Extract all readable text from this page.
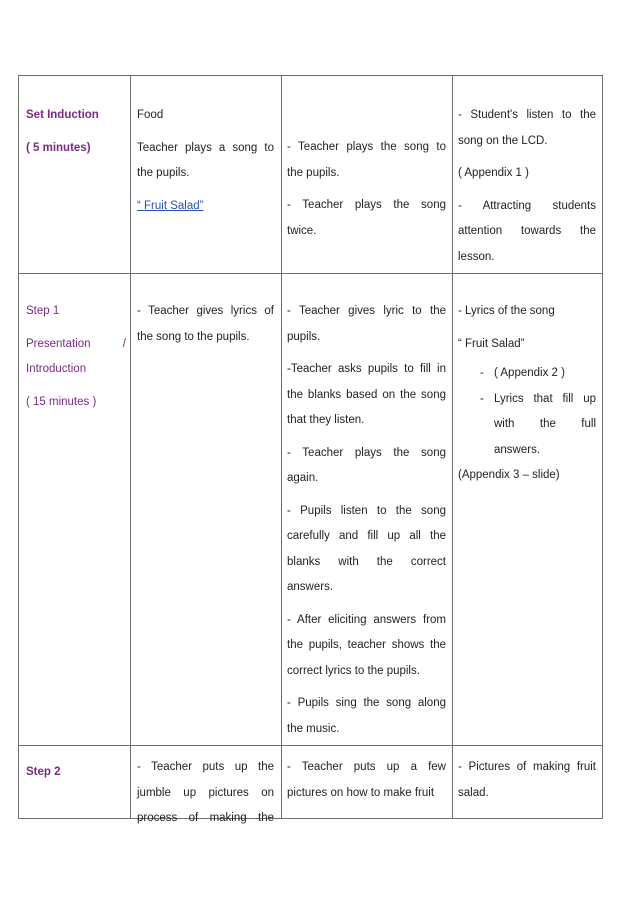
Set Induction

( 5 minutes)

Food

Teacher plays a song to

the pupils.

“ Fruit Salad”

- Teacher plays the song to

the pupils.

- Teacher plays the song

twice.

- Student's listen to the

song on the LCD.

( Appendix 1 )

- Attracting students

attention towards the

lesson.

Step 1

Presentation	/

Introduction

( 15 minutes )

- Teacher gives lyrics of

the song to the pupils.

- Teacher gives lyric to the

pupils.

-Teacher asks pupils to fill in

the blanks based on the song

that they listen.

- Teacher plays the song

again.

- Pupils listen to the song

carefully and fill up all the

blanks with the correct

answers.

- After eliciting answers from

the pupils, teacher shows the

correct lyrics to the pupils.

- Pupils sing the song along

the music.

- Lyrics of the song

“ Fruit Salad”

- ( Appendix 2 )
- Lyrics that fill up

with the full

answers.

(Appendix 3 – slide)

Step 2	- Teacher puts up the

jumble up pictures on

process of making the

- Teacher puts up a few

pictures on how to make fruit

- Pictures of making fruit

salad.
